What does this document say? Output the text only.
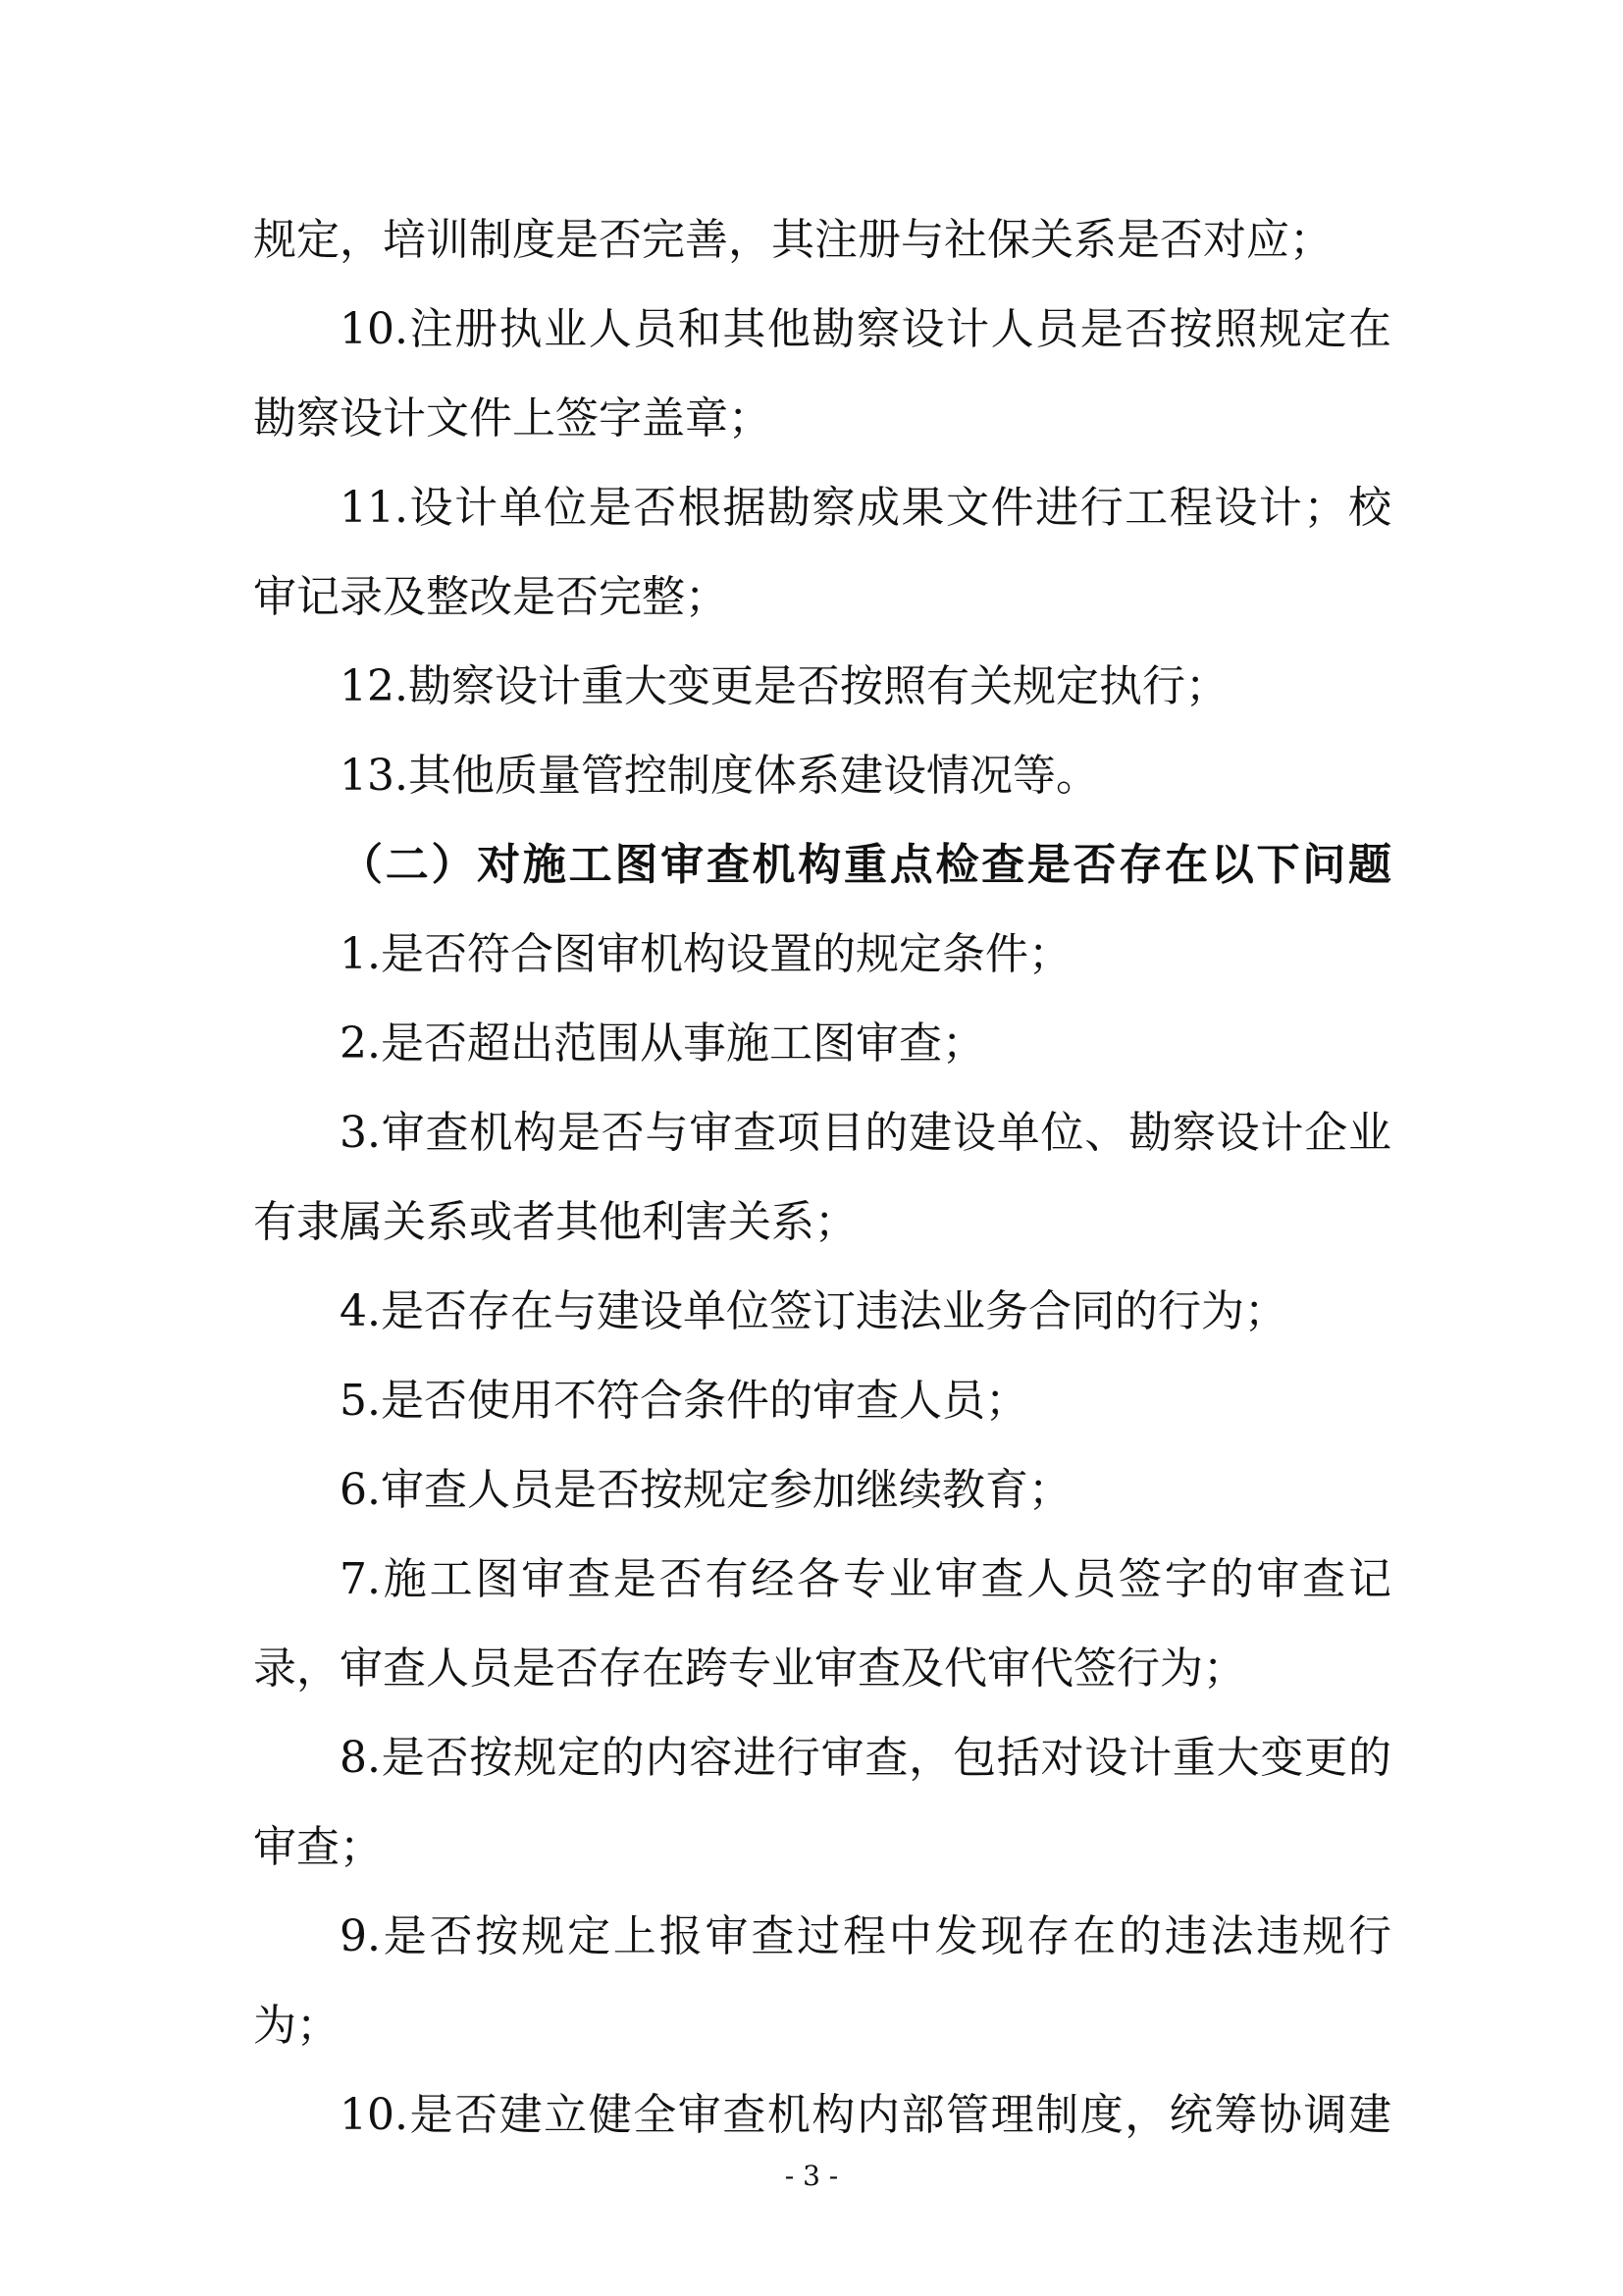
规定，培训制度是否完善，其注册与社保关系是否对应；
10.注册执业人员和其他勘察设计人员是否按照规定在
勘察设计文件上签字盖章；
11.设计单位是否根据勘察成果文件进行工程设计；校
审记录及整改是否完整；
12.勘察设计重大变更是否按照有关规定执行；
13.其他质量管控制度体系建设情况等。
（二）对施工图审查机构重点检查是否存在以下问题
1.是否符合图审机构设置的规定条件；
2.是否超出范围从事施工图审查；
3.审查机构是否与审查项目的建设单位、勘察设计企业
有隶属关系或者其他利害关系；
4.是否存在与建设单位签订违法业务合同的行为；
5.是否使用不符合条件的审查人员；
6.审查人员是否按规定参加继续教育；
7.施工图审查是否有经各专业审查人员签字的审查记
录，审查人员是否存在跨专业审查及代审代签行为；
8.是否按规定的内容进行审查，包括对设计重大变更的
审查；
9.是否按规定上报审查过程中发现存在的违法违规行
为；
10.是否建立健全审查机构内部管理制度，统筹协调建
- 3 -
